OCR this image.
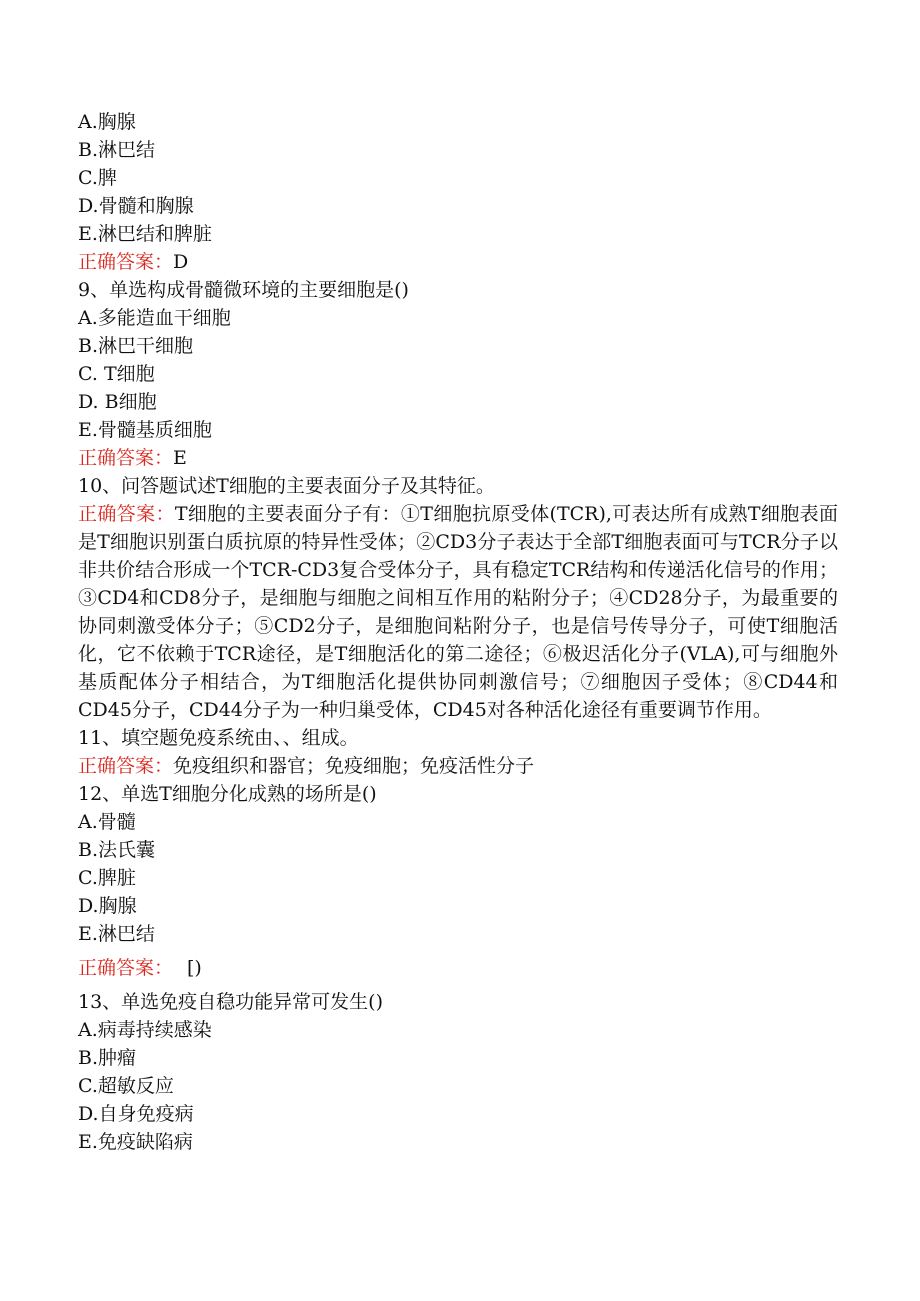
A.胸腺
B.淋巴结
C.脾
D.骨髓和胸腺
E.淋巴结和脾脏
正确答案：D
9、单选构成骨髓微环境的主要细胞是()
A.多能造血干细胞
B.淋巴干细胞
C. T细胞
D. B细胞
E.骨髓基质细胞
正确答案：E
10、问答题试述T细胞的主要表面分子及其特征。
正确答案：T细胞的主要表面分子有：①T细胞抗原受体(TCR),可表达所有成熟T细胞表面是T细胞识别蛋白质抗原的特异性受体；②CD3分子表达于全部T细胞表面可与TCR分子以非共价结合形成一个TCR-CD3复合受体分子，具有稳定TCR结构和传递活化信号的作用；③CD4和CD8分子，是细胞与细胞之间相互作用的粘附分子；④CD28分子，为最重要的协同刺激受体分子；⑤CD2分子，是细胞间粘附分子，也是信号传导分子，可使T细胞活化，它不依赖于TCR途径，是T细胞活化的第二途径；⑥极迟活化分子(VLA),可与细胞外基质配体分子相结合，为T细胞活化提供协同刺激信号；⑦细胞因子受体；⑧CD44和CD45分子，CD44分子为一种归巢受体，CD45对各种活化途径有重要调节作用。
11、填空题免疫系统由、、组成。
正确答案：免疫组织和器官；免疫细胞；免疫活性分子
12、单选T细胞分化成熟的场所是()
A.骨髓
B.法氏囊
C.脾脏
D.胸腺
E.淋巴结
正确答案： [)
13、单选免疫自稳功能异常可发生()
A.病毒持续感染
B.肿瘤
C.超敏反应
D.自身免疫病
E.免疫缺陷病
